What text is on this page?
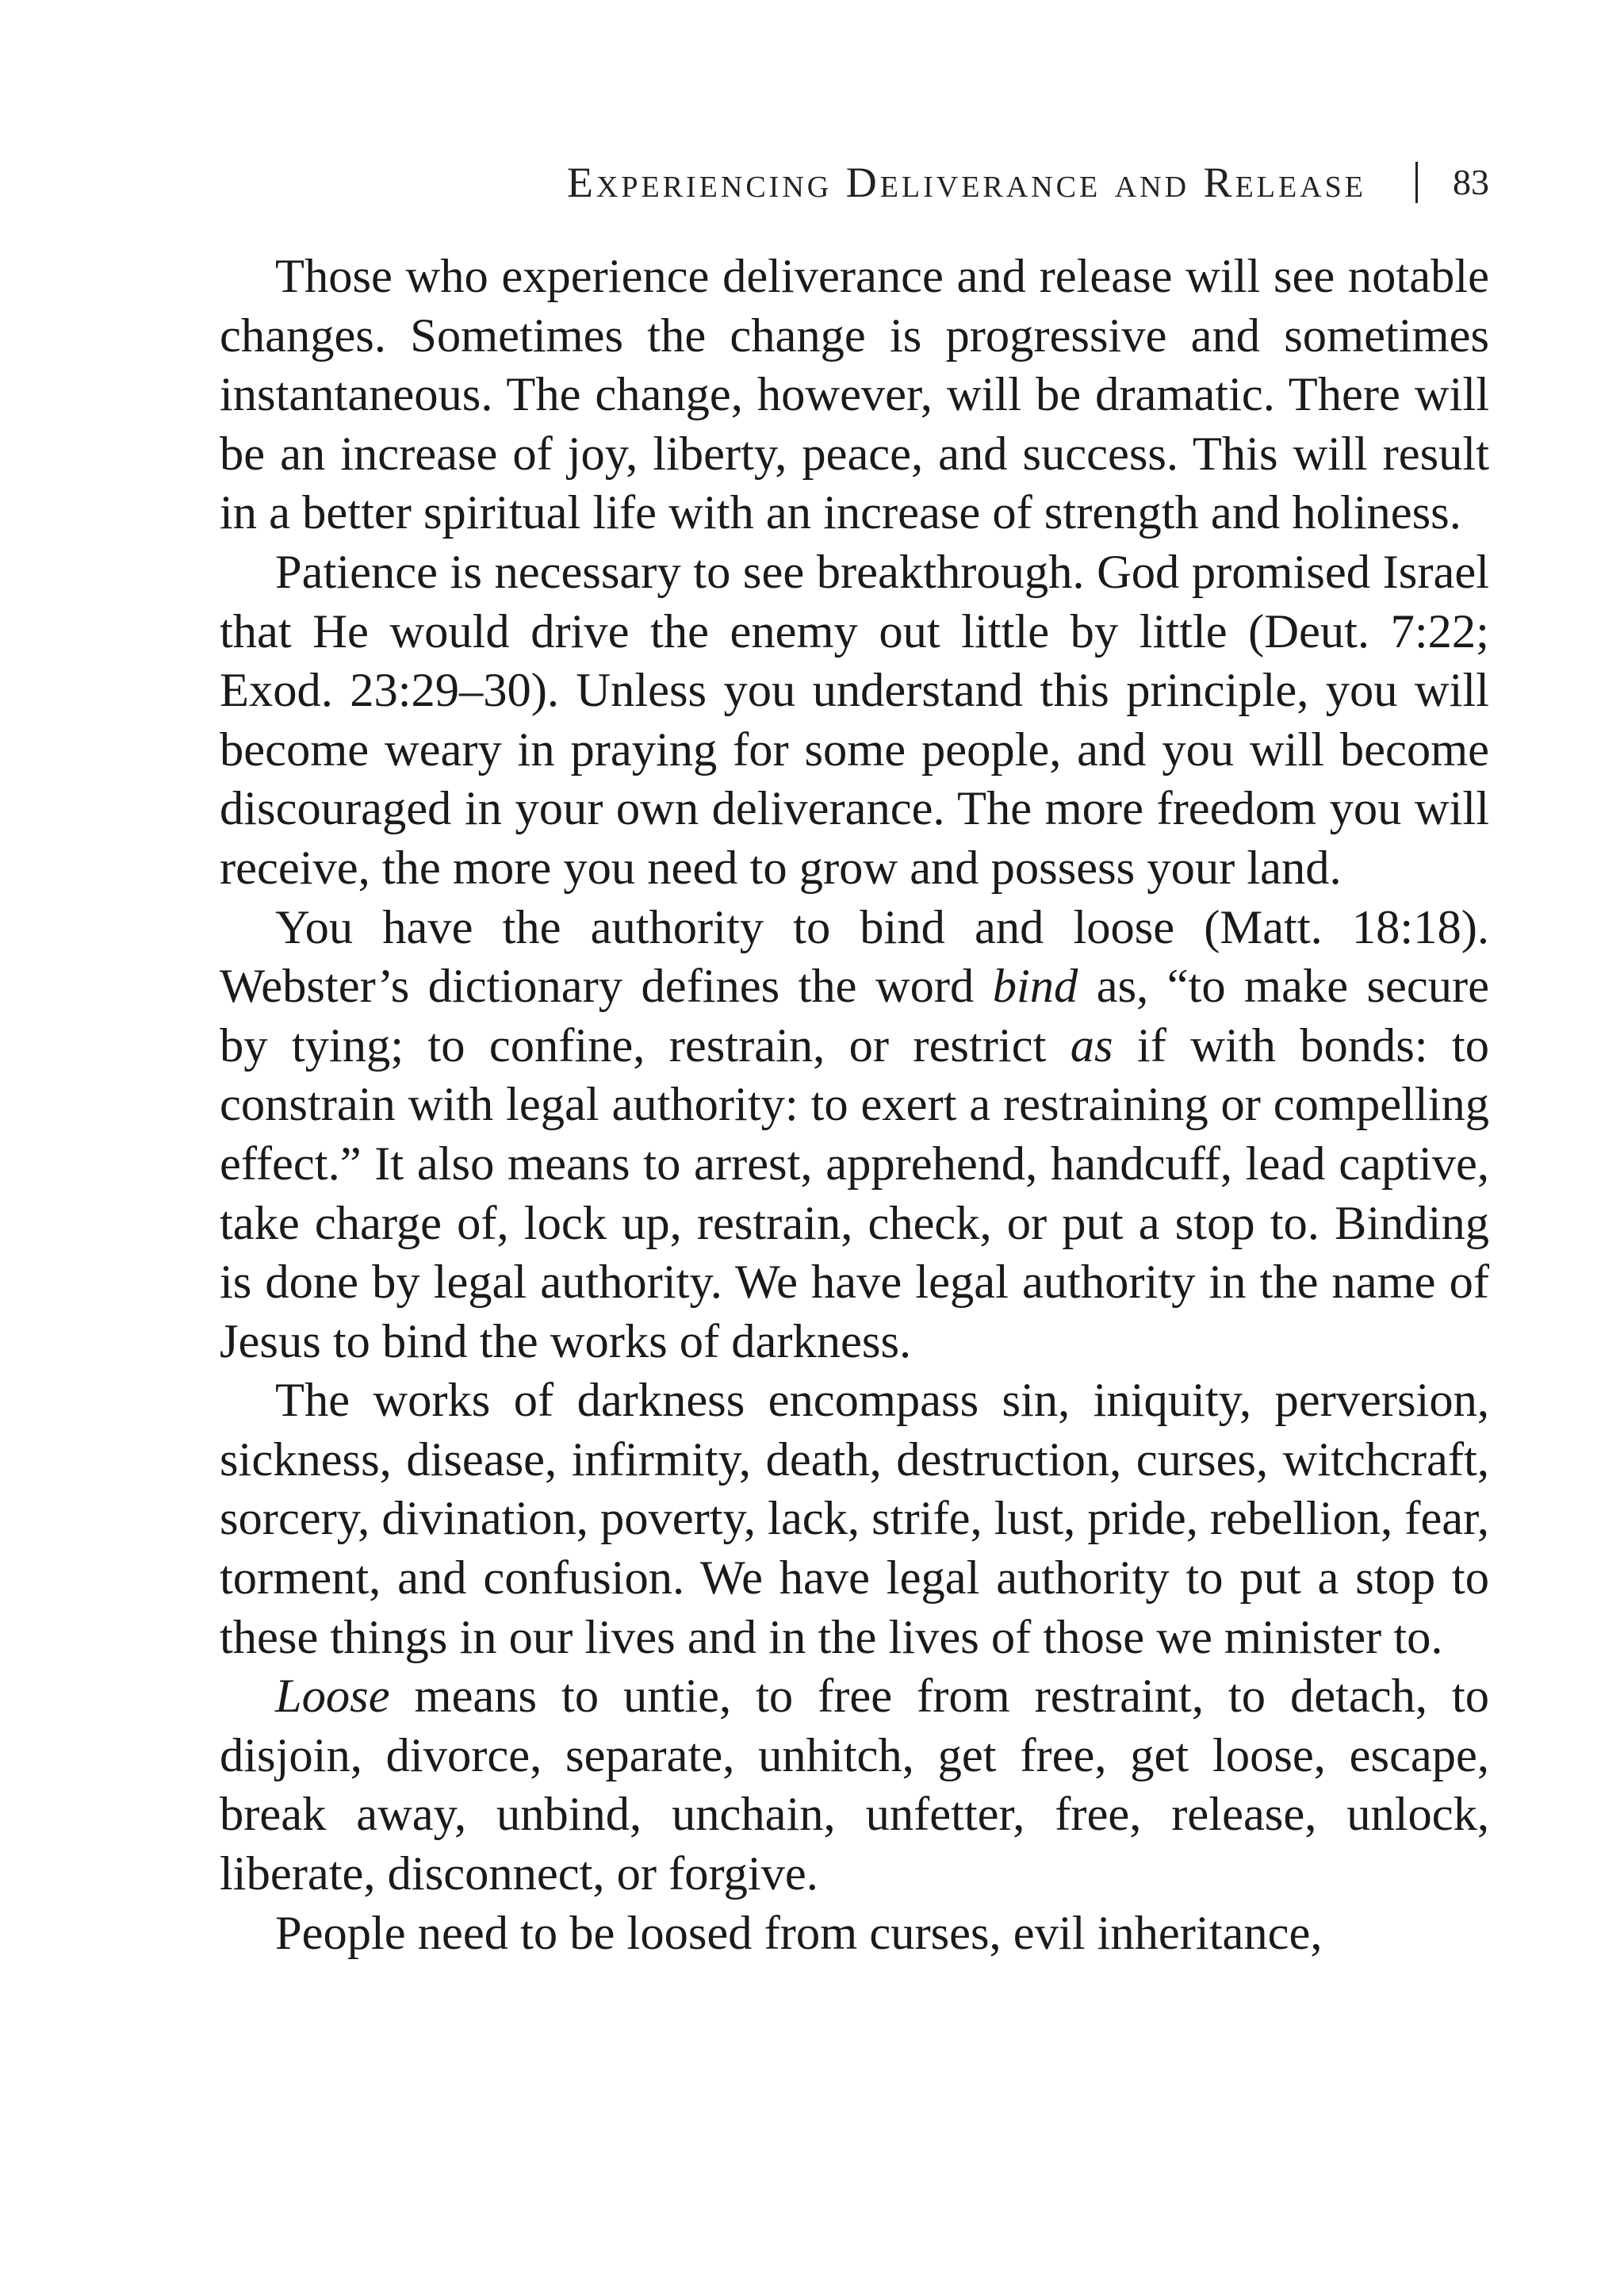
Experiencing Deliverance and Release 83

Those who experience deliverance and release will see notable changes. Sometimes the change is progressive and sometimes instantaneous. The change, however, will be dramatic. There will be an increase of joy, liberty, peace, and success. This will result in a better spiritual life with an increase of strength and holiness.

Patience is necessary to see breakthrough. God promised Israel that He would drive the enemy out little by little (Deut. 7:22; Exod. 23:29–30). Unless you understand this principle, you will become weary in praying for some people, and you will become discouraged in your own deliverance. The more freedom you will receive, the more you need to grow and possess your land.

You have the authority to bind and loose (Matt. 18:18). Webster’s dictionary defines the word bind as, “to make secure by tying; to confine, restrain, or restrict as if with bonds: to constrain with legal authority: to exert a restraining or compelling effect.” It also means to arrest, apprehend, handcuff, lead captive, take charge of, lock up, restrain, check, or put a stop to. Binding is done by legal authority. We have legal authority in the name of Jesus to bind the works of darkness.

The works of darkness encompass sin, iniquity, perversion, sickness, disease, infirmity, death, destruction, curses, witchcraft, sorcery, divination, poverty, lack, strife, lust, pride, rebellion, fear, torment, and confusion. We have legal authority to put a stop to these things in our lives and in the lives of those we minister to.

Loose means to untie, to free from restraint, to detach, to disjoin, divorce, separate, unhitch, get free, get loose, escape, break away, unbind, unchain, unfetter, free, release, unlock, liberate, disconnect, or forgive.

People need to be loosed from curses, evil inheritance,
